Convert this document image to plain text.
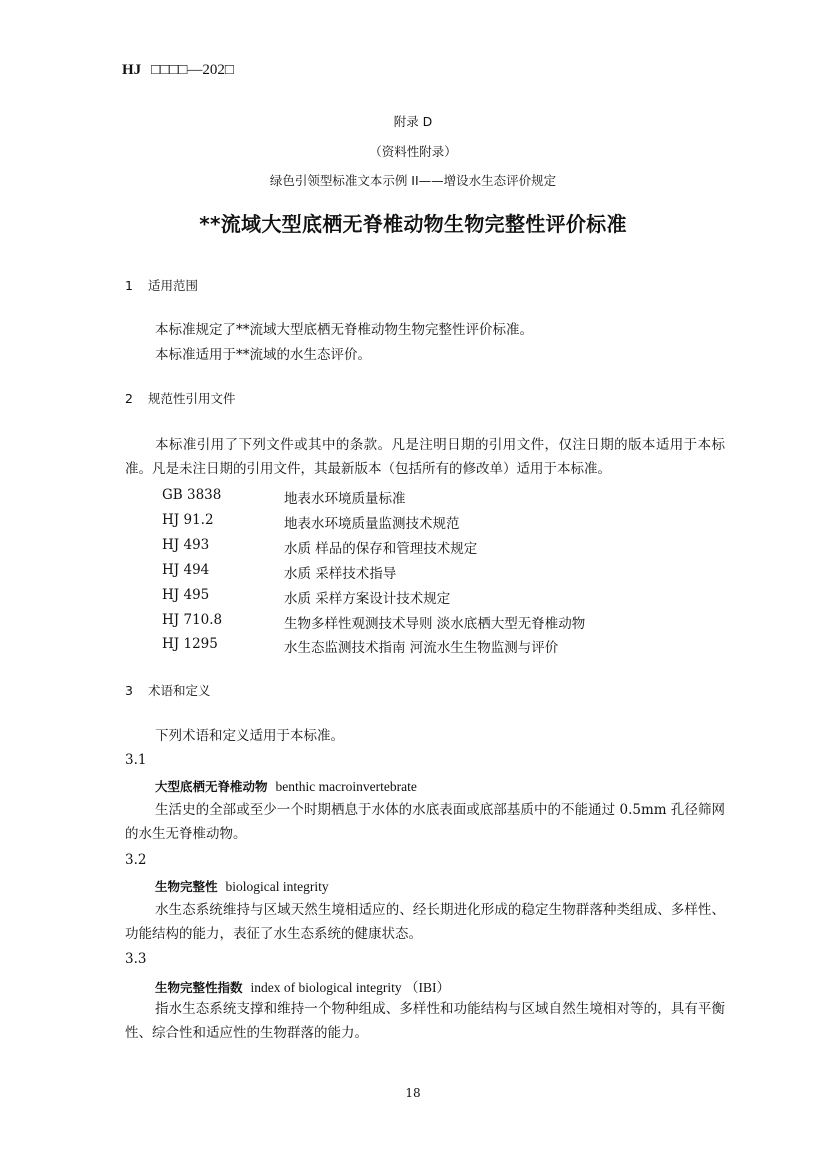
HJ □□□□—202□
附录 D
（资料性附录）
绿色引领型标准文本示例 II——增设水生态评价规定
**流域大型底栖无脊椎动物生物完整性评价标准
1 适用范围
本标准规定了**流域大型底栖无脊椎动物生物完整性评价标准。
本标准适用于**流域的水生态评价。
2 规范性引用文件
本标准引用了下列文件或其中的条款。凡是注明日期的引用文件，仅注日期的版本适用于本标准。凡是未注日期的引用文件，其最新版本（包括所有的修改单）适用于本标准。
GB 3838	地表水环境质量标准
HJ 91.2	地表水环境质量监测技术规范
HJ 493	水质 样品的保存和管理技术规定
HJ 494	水质 采样技术指导
HJ 495	水质 采样方案设计技术规定
HJ 710.8	生物多样性观测技术导则 淡水底栖大型无脊椎动物
HJ 1295	水生态监测技术指南 河流水生生物监测与评价
3 术语和定义
下列术语和定义适用于本标准。
3.1
大型底栖无脊椎动物 benthic macroinvertebrate
生活史的全部或至少一个时期栖息于水体的水底表面或底部基质中的不能通过 0.5mm 孔径筛网的水生无脊椎动物。
3.2
生物完整性 biological integrity
水生态系统维持与区域天然生境相适应的、经长期进化形成的稳定生物群落种类组成、多样性、功能结构的能力，表征了水生态系统的健康状态。
3.3
生物完整性指数 index of biological integrity （IBI）
指水生态系统支撑和维持一个物种组成、多样性和功能结构与区域自然生境相对等的，具有平衡性、综合性和适应性的生物群落的能力。
18
